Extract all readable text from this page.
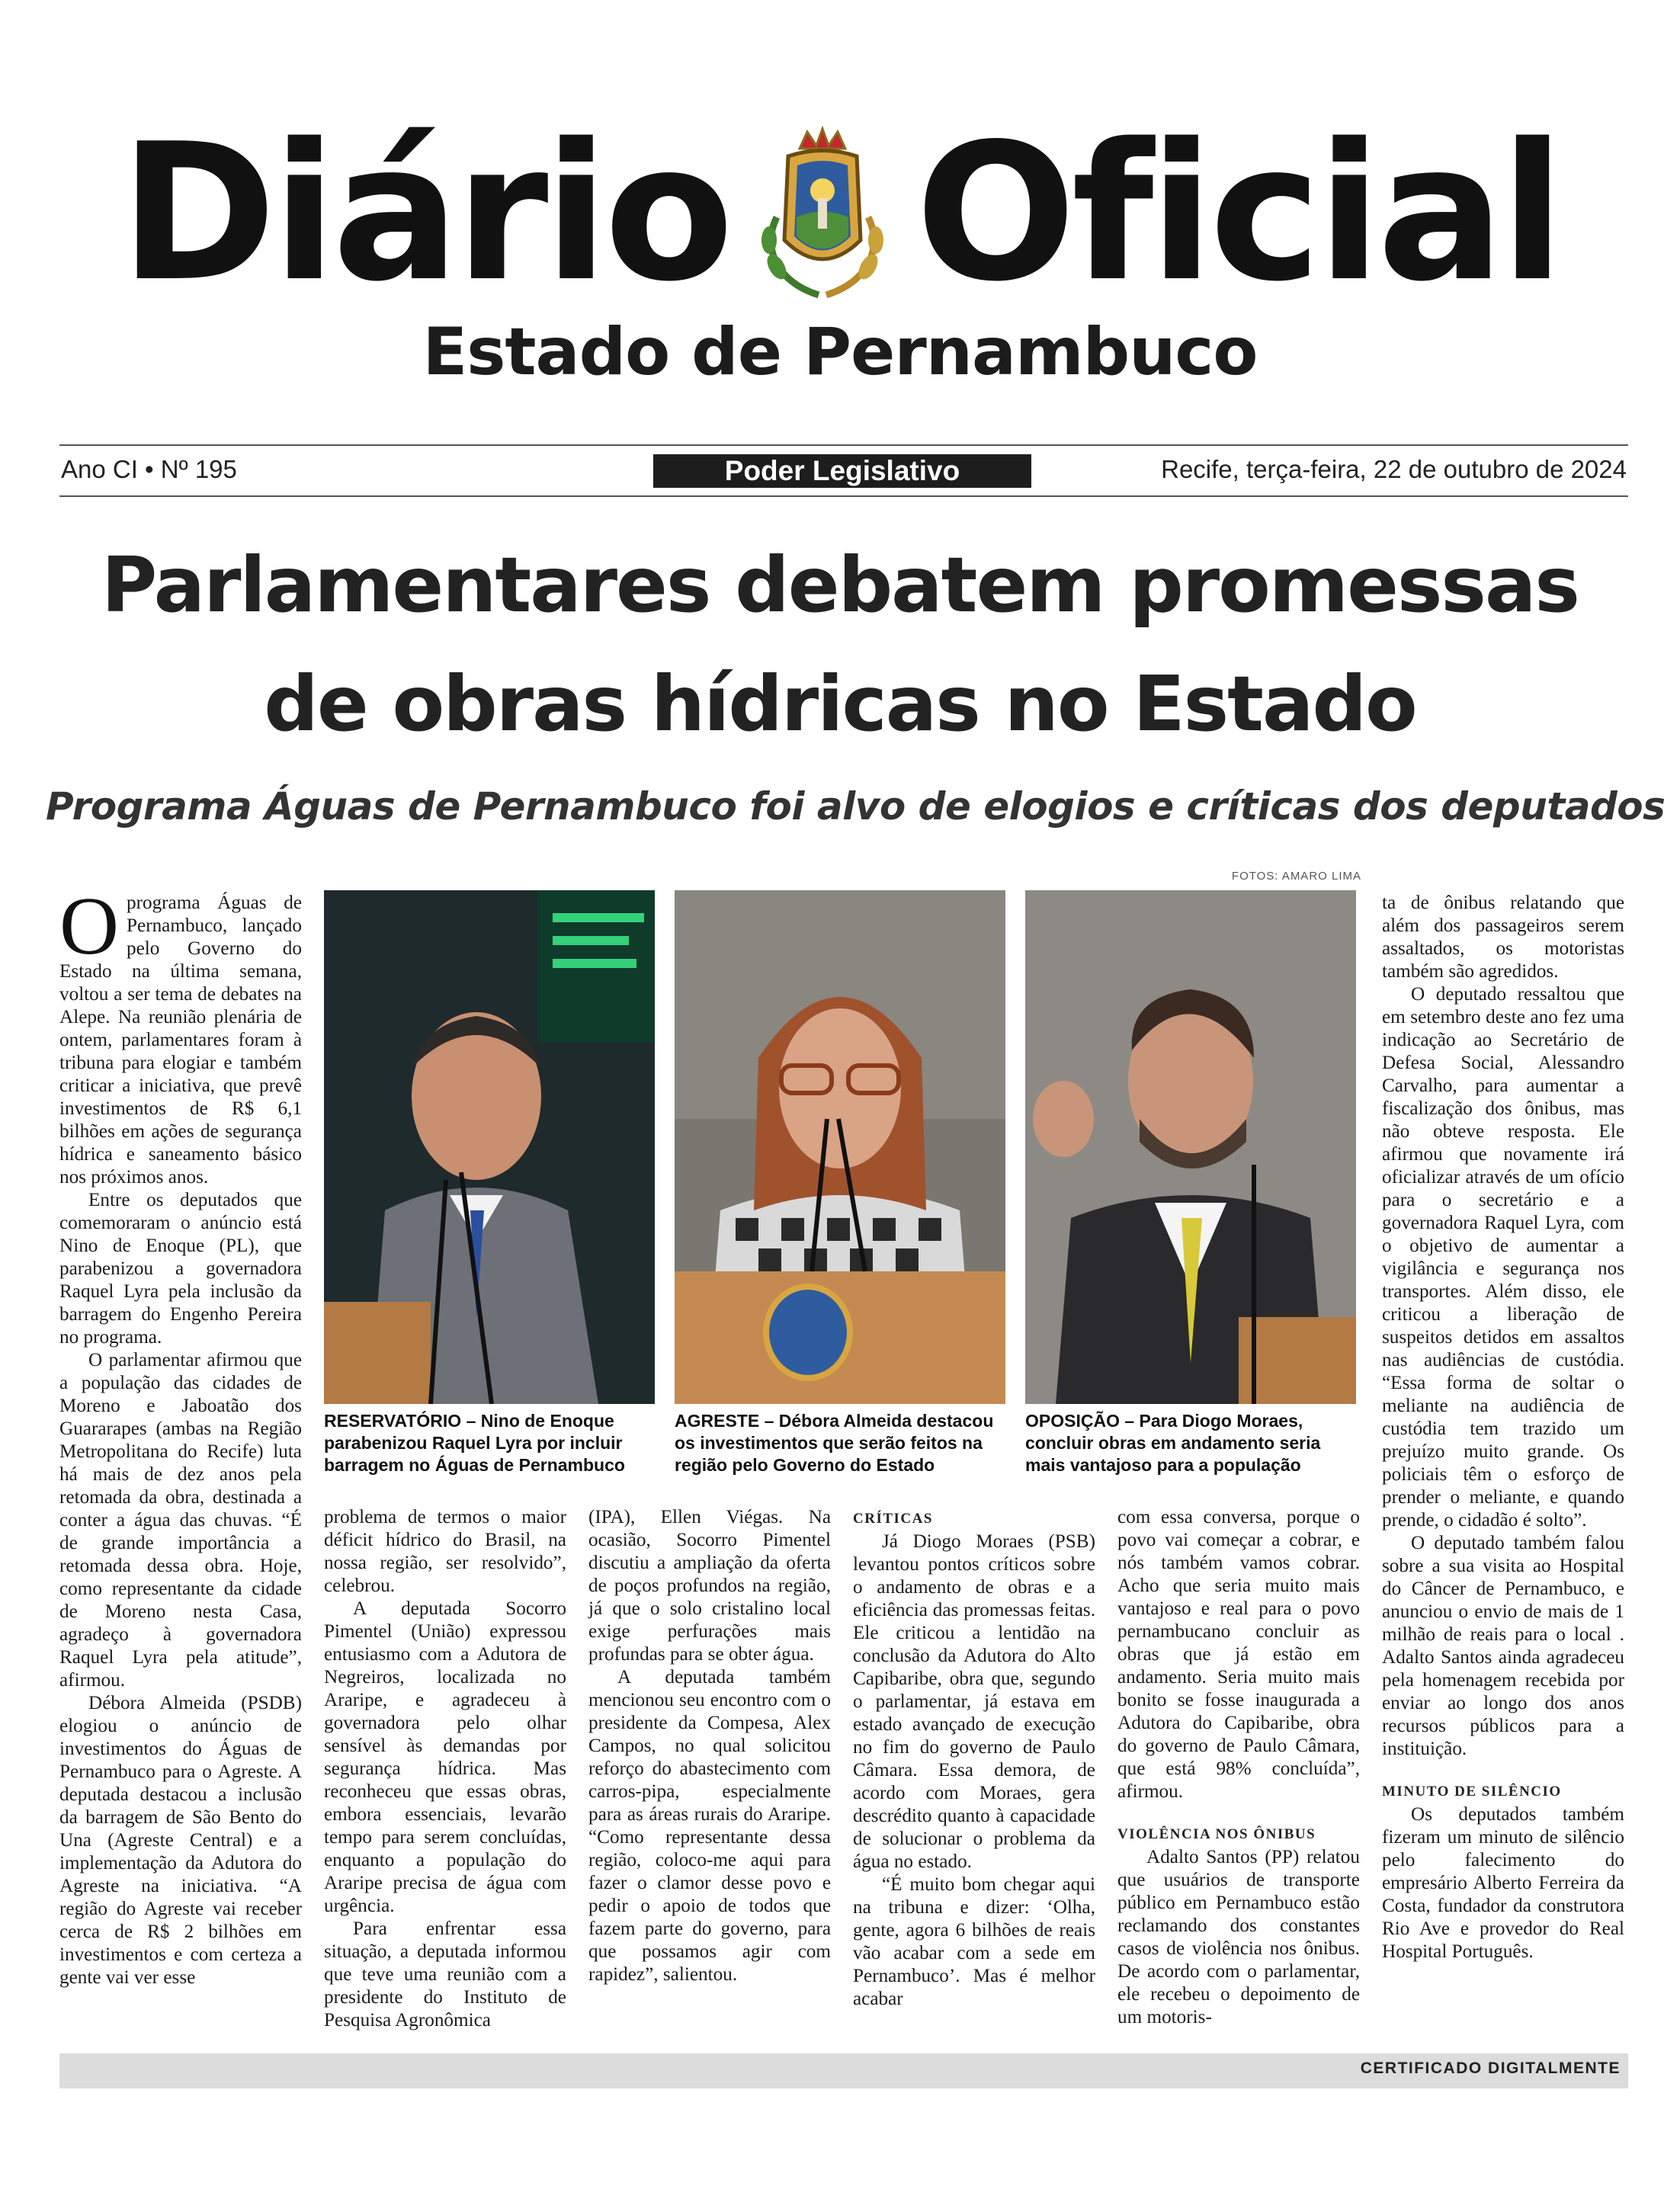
Diário Oficial
Estado de Pernambuco
Ano CI • Nº 195	Poder Legislativo	Recife, terça-feira, 22 de outubro de 2024
Parlamentares debatem promessas
de obras hídricas no Estado
Programa Águas de Pernambuco foi alvo de elogios e críticas dos deputados
FOTOS: AMARO LIMA

RESERVATÓRIO – Nino de Enoque parabenizou Raquel Lyra por incluir barragem no Águas de Pernambuco

AGRESTE – Débora Almeida destacou os investimentos que serão feitos na região pelo Governo do Estado

OPOSIÇÃO – Para Diogo Moraes, concluir obras em andamento seria mais vantajoso para a população

Oprograma Águas de Pernambuco, lançado pelo Governo do Estado na última semana, voltou a ser tema de debates na Alepe. Na reunião plenária de ontem, parlamentares foram à tribuna para elogiar e também criticar a iniciativa, que prevê investimentos de R$ 6,1 bilhões em ações de segurança hídrica e saneamento básico nos próximos anos.

Entre os deputados que comemoraram o anúncio está Nino de Enoque (PL), que parabenizou a governadora Raquel Lyra pela inclusão da barragem do Engenho Pereira no programa.

O parlamentar afirmou que a população das cidades de Moreno e Jaboatão dos Guararapes (ambas na Região Metropolitana do Recife) luta há mais de dez anos pela retomada da obra, destinada a conter a água das chuvas. “É de grande importância a retomada dessa obra. Hoje, como representante da cidade de Moreno nesta Casa, agradeço à governadora Raquel Lyra pela atitude”, afirmou.

Débora Almeida (PSDB) elogiou o anúncio de investimentos do Águas de Pernambuco para o Agreste. A deputada destacou a inclusão da barragem de São Bento do Una (Agreste Central) e a implementação da Adutora do Agreste na iniciativa. “A região do Agreste vai receber cerca de R$ 2 bilhões em investimentos e com certeza a gente vai ver esse

problema de termos o maior déficit hídrico do Brasil, na nossa região, ser resolvido”, celebrou.

A deputada Socorro Pimentel (União) expressou entusiasmo com a Adutora de Negreiros, localizada no Araripe, e agradeceu à governadora pelo olhar sensível às demandas por segurança hídrica. Mas reconheceu que essas obras, embora essenciais, levarão tempo para serem concluídas, enquanto a população do Araripe precisa de água com urgência.

Para enfrentar essa situação, a deputada informou que teve uma reunião com a presidente do Instituto de Pesquisa Agronômica

(IPA), Ellen Viégas. Na ocasião, Socorro Pimentel discutiu a ampliação da oferta de poços profundos na região, já que o solo cristalino local exige perfurações mais profundas para se obter água.

A deputada também mencionou seu encontro com o presidente da Compesa, Alex Campos, no qual solicitou reforço do abastecimento com carros-pipa, especialmente para as áreas rurais do Araripe. “Como representante dessa região, coloco-me aqui para fazer o clamor desse povo e pedir o apoio de todos que fazem parte do governo, para que possamos agir com rapidez”, salientou.

CRÍTICAS

Já Diogo Moraes (PSB) levantou pontos críticos sobre o andamento de obras e a eficiência das promessas feitas. Ele criticou a lentidão na conclusão da Adutora do Alto Capibaribe, obra que, segundo o parlamentar, já estava em estado avançado de execução no fim do governo de Paulo Câmara. Essa demora, de acordo com Moraes, gera descrédito quanto à capacidade de solucionar o problema da água no estado.

“É muito bom chegar aqui na tribuna e dizer: ‘Olha, gente, agora 6 bilhões de reais vão acabar com a sede em Pernambuco’. Mas é melhor acabar

com essa conversa, porque o povo vai começar a cobrar, e nós também vamos cobrar. Acho que seria muito mais vantajoso e real para o povo pernambucano concluir as obras que já estão em andamento. Seria muito mais bonito se fosse inaugurada a Adutora do Capibaribe, obra do governo de Paulo Câmara, que está 98% concluída”, afirmou.

VIOLÊNCIA NOS ÔNIBUS

Adalto Santos (PP) relatou que usuários de transporte público em Pernambuco estão reclamando dos constantes casos de violência nos ônibus. De acordo com o parlamentar, ele recebeu o depoimento de um motoris-

ta de ônibus relatando que além dos passageiros serem assaltados, os motoristas também são agredidos.

O deputado ressaltou que em setembro deste ano fez uma indicação ao Secretário de Defesa Social, Alessandro Carvalho, para aumentar a fiscalização dos ônibus, mas não obteve resposta. Ele afirmou que novamente irá oficializar através de um ofício para o secretário e a governadora Raquel Lyra, com o objetivo de aumentar a vigilância e segurança nos transportes. Além disso, ele criticou a liberação de suspeitos detidos em assaltos nas audiências de custódia. “Essa forma de soltar o meliante na audiência de custódia tem trazido um prejuízo muito grande. Os policiais têm o esforço de prender o meliante, e quando prende, o cidadão é solto”.

O deputado também falou sobre a sua visita ao Hospital do Câncer de Pernambuco, e anunciou o envio de mais de 1 milhão de reais para o local . Adalto Santos ainda agradeceu pela homenagem recebida por enviar ao longo dos anos recursos públicos para a instituição.

MINUTO DE SILÊNCIO

Os deputados também fizeram um minuto de silêncio pelo falecimento do empresário Alberto Ferreira da Costa, fundador da construtora Rio Ave e provedor do Real Hospital Português.

CERTIFICADO DIGITALMENTE
